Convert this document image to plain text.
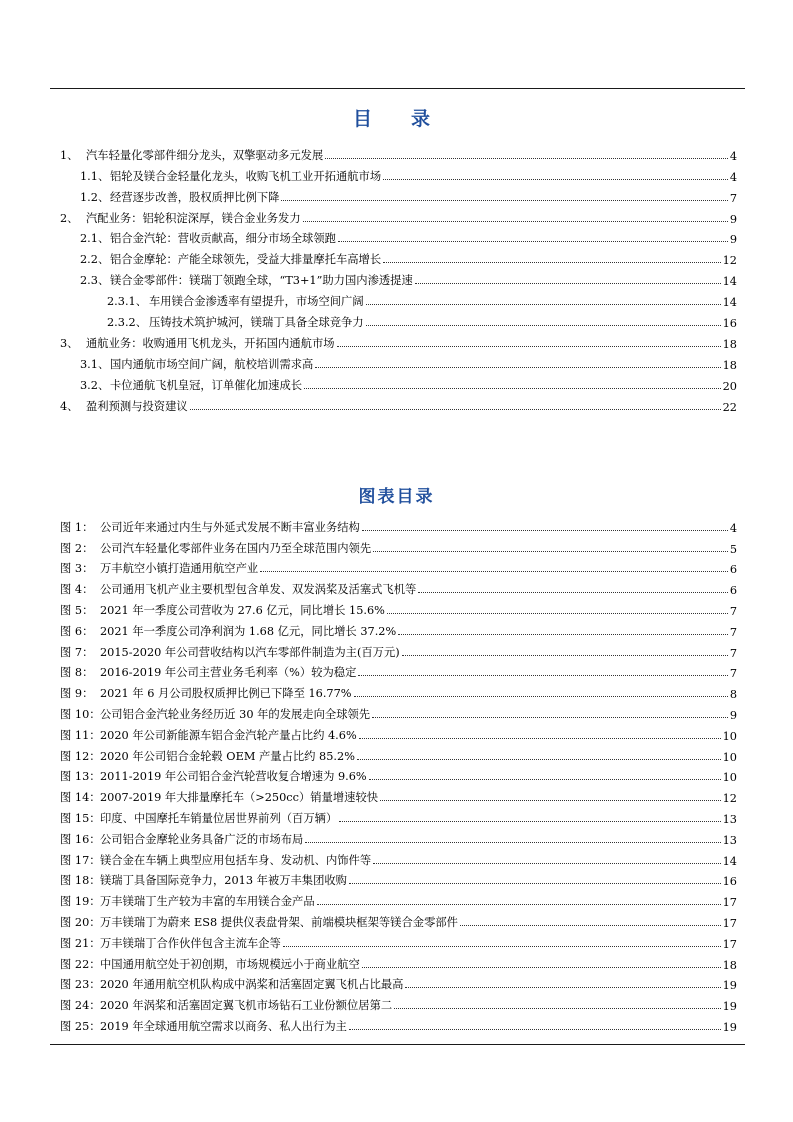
目　录
1、 汽车轻量化零部件细分龙头，双擎驱动多元发展	4
1.1、 铝轮及镁合金轻量化龙头，收购飞机工业开拓通航市场	4
1.2、 经营逐步改善，股权质押比例下降	7
2、 汽配业务：铝轮积淀深厚，镁合金业务发力	9
2.1、 铝合金汽轮：营收贡献高，细分市场全球领跑	9
2.2、 铝合金摩轮：产能全球领先，受益大排量摩托车高增长	12
2.3、 镁合金零部件：镁瑞丁领跑全球，“T3+1”助力国内渗透提速	14
2.3.1、 车用镁合金渗透率有望提升，市场空间广阔	14
2.3.2、 压铸技术筑护城河，镁瑞丁具备全球竞争力	16
3、 通航业务：收购通用飞机龙头，开拓国内通航市场	18
3.1、 国内通航市场空间广阔，航校培训需求高	18
3.2、 卡位通航飞机皇冠，订单催化加速成长	20
4、 盈利预测与投资建议	22
图表目录
图 1： 公司近年来通过内生与外延式发展不断丰富业务结构	4
图 2： 公司汽车轻量化零部件业务在国内乃至全球范围内领先	5
图 3： 万丰航空小镇打造通用航空产业	6
图 4： 公司通用飞机产业主要机型包含单发、双发涡桨及活塞式飞机等	6
图 5： 2021 年一季度公司营收为 27.6 亿元，同比增长 15.6%	7
图 6： 2021 年一季度公司净利润为 1.68 亿元，同比增长 37.2%	7
图 7： 2015-2020 年公司营收结构以汽车零部件制造为主(百万元)	7
图 8： 2016-2019 年公司主营业务毛利率（%）较为稳定	7
图 9： 2021 年 6 月公司股权质押比例已下降至 16.77%	8
图 10： 公司铝合金汽轮业务经历近 30 年的发展走向全球领先	9
图 11： 2020 年公司新能源车铝合金汽轮产量占比约 4.6%	10
图 12： 2020 年公司铝合金轮毂 OEM 产量占比约 85.2%	10
图 13： 2011-2019 年公司铝合金汽轮营收复合增速为 9.6%	10
图 14： 2007-2019 年大排量摩托车（>250cc）销量增速较快	12
图 15： 印度、中国摩托车销量位居世界前列（百万辆）	13
图 16： 公司铝合金摩轮业务具备广泛的市场布局	13
图 17： 镁合金在车辆上典型应用包括车身、发动机、内饰件等	14
图 18： 镁瑞丁具备国际竞争力，2013 年被万丰集团收购	16
图 19： 万丰镁瑞丁生产较为丰富的车用镁合金产品	17
图 20： 万丰镁瑞丁为蔚来 ES8 提供仪表盘骨架、前端模块框架等镁合金零部件	17
图 21： 万丰镁瑞丁合作伙伴包含主流车企等	17
图 22： 中国通用航空处于初创期，市场规模远小于商业航空	18
图 23： 2020 年通用航空机队构成中涡桨和活塞固定翼飞机占比最高	19
图 24： 2020 年涡桨和活塞固定翼飞机市场钻石工业份额位居第二	19
图 25： 2019 年全球通用航空需求以商务、私人出行为主	19
